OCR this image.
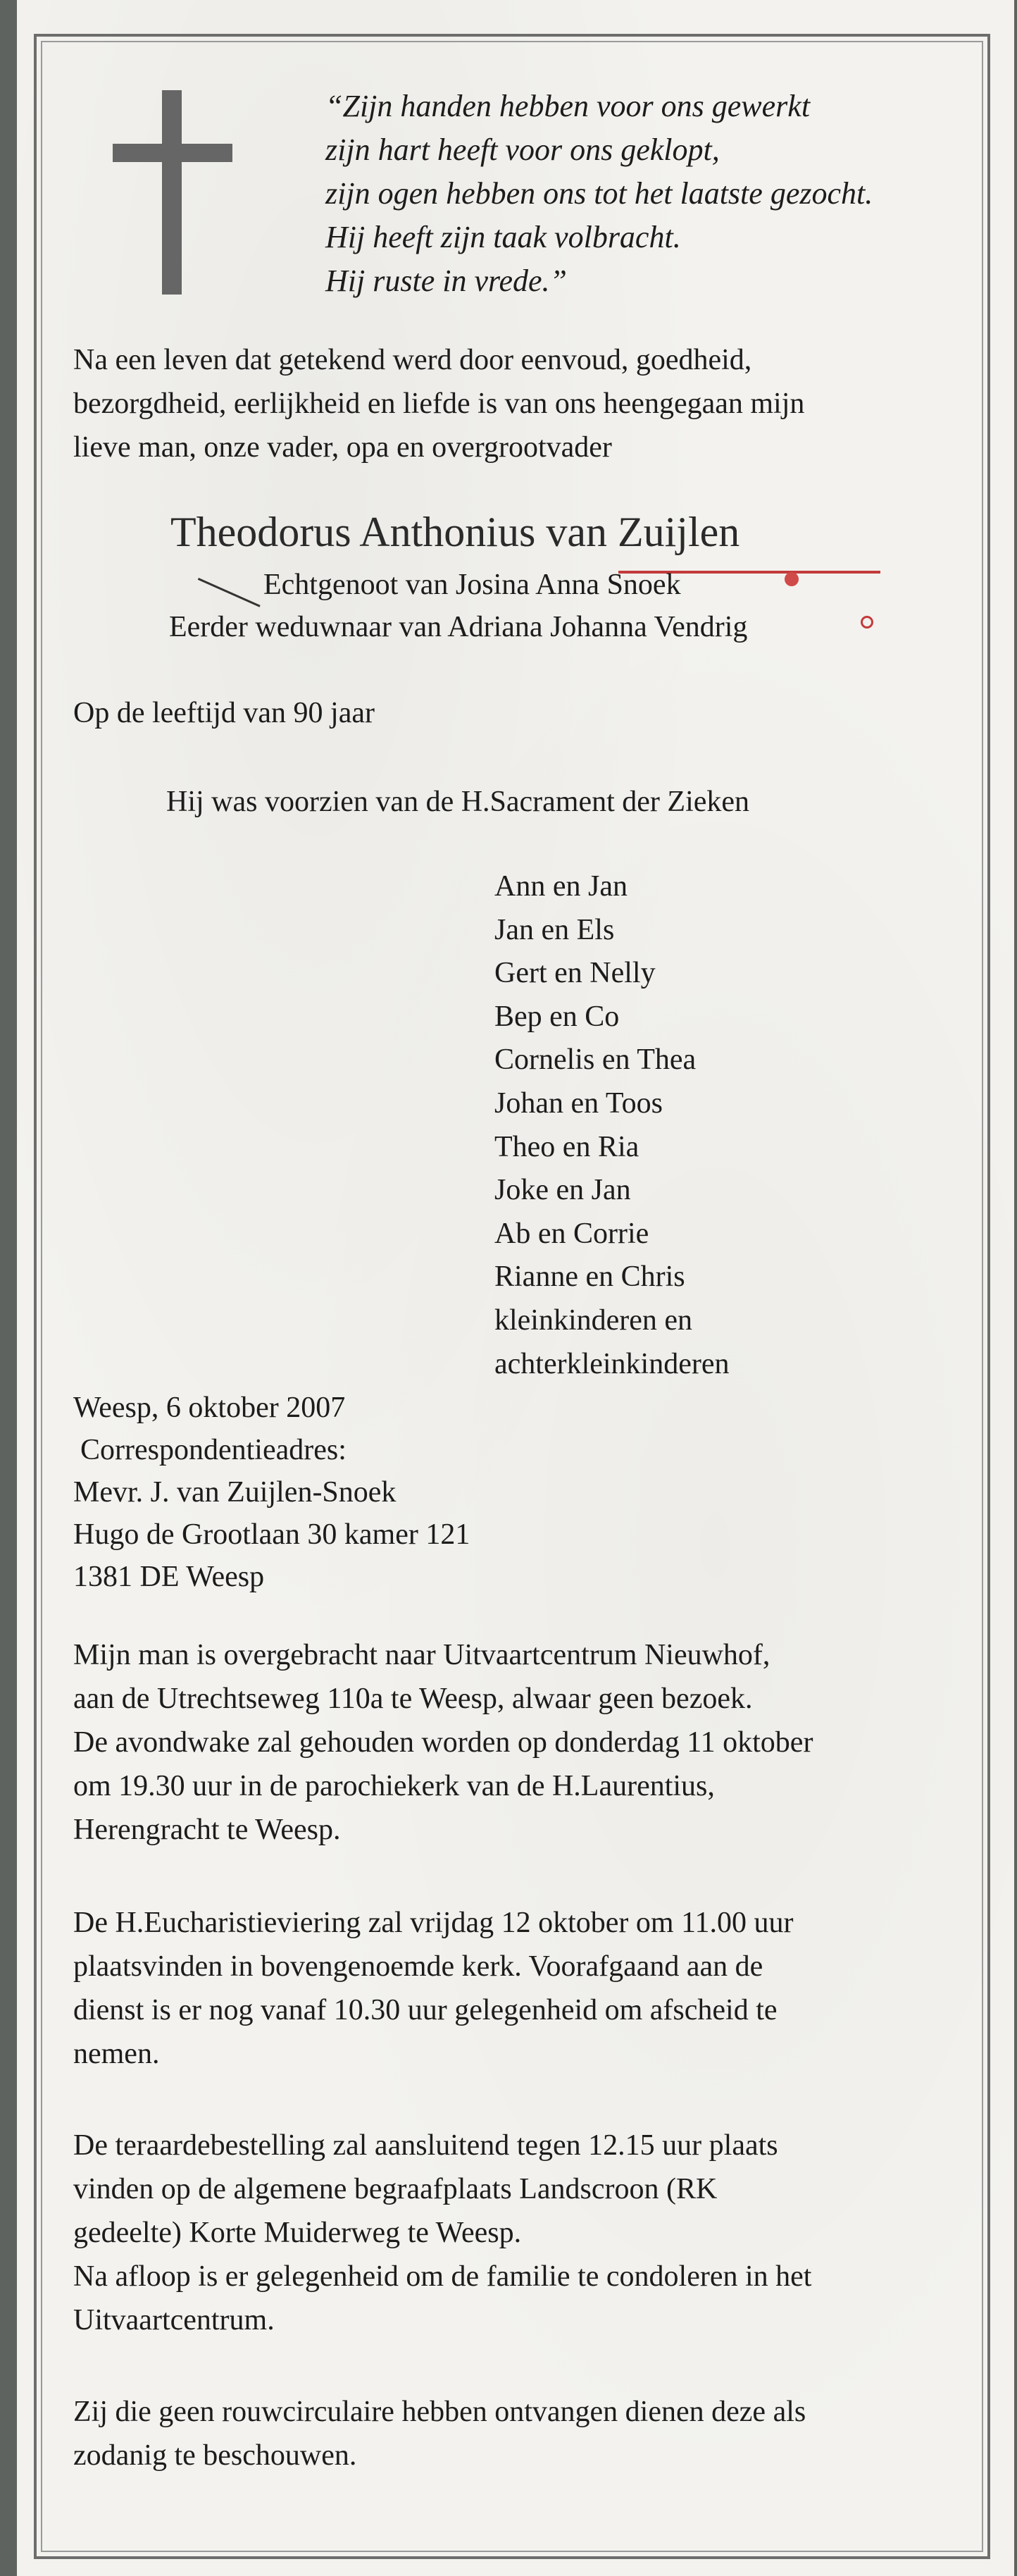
“Zijn handen hebben voor ons gewerkt
zijn hart heeft voor ons geklopt,
zijn ogen hebben ons tot het laatste gezocht.
Hij heeft zijn taak volbracht.
Hij ruste in vrede.”
Na een leven dat getekend werd door eenvoud, goedheid,
bezorgdheid, eerlijkheid en liefde is van ons heengegaan mijn
lieve man, onze vader, opa en overgrootvader
Theodorus Anthonius van Zuijlen
Echtgenoot van Josina Anna Snoek
Eerder weduwnaar van Adriana Johanna Vendrig
Op de leeftijd van 90 jaar
Hij was voorzien van de H.Sacrament der Zieken
Ann en Jan
Jan en Els
Gert en Nelly
Bep en Co
Cornelis en Thea
Johan en Toos
Theo en Ria
Joke en Jan
Ab en Corrie
Rianne en Chris
kleinkinderen en
achterkleinkinderen
Weesp, 6 oktober 2007
Correspondentieadres:
Mevr. J. van Zuijlen-Snoek
Hugo de Grootlaan 30 kamer 121
1381 DE Weesp
Mijn man is overgebracht naar Uitvaartcentrum Nieuwhof,
aan de Utrechtseweg 110a te Weesp, alwaar geen bezoek.
De avondwake zal gehouden worden op donderdag 11 oktober
om 19.30 uur in de parochiekerk van de H.Laurentius,
Herengracht te Weesp.
De H.Eucharistieviering zal vrijdag 12 oktober om 11.00 uur
plaatsvinden in bovengenoemde kerk. Voorafgaand aan de
dienst is er nog vanaf 10.30 uur gelegenheid om afscheid te
nemen.
De teraardebestelling zal aansluitend tegen 12.15 uur plaats
vinden op de algemene begraafplaats Landscroon (RK
gedeelte) Korte Muiderweg te Weesp.
Na afloop is er gelegenheid om de familie te condoleren in het
Uitvaartcentrum.
Zij die geen rouwcirculaire hebben ontvangen dienen deze als
zodanig te beschouwen.
